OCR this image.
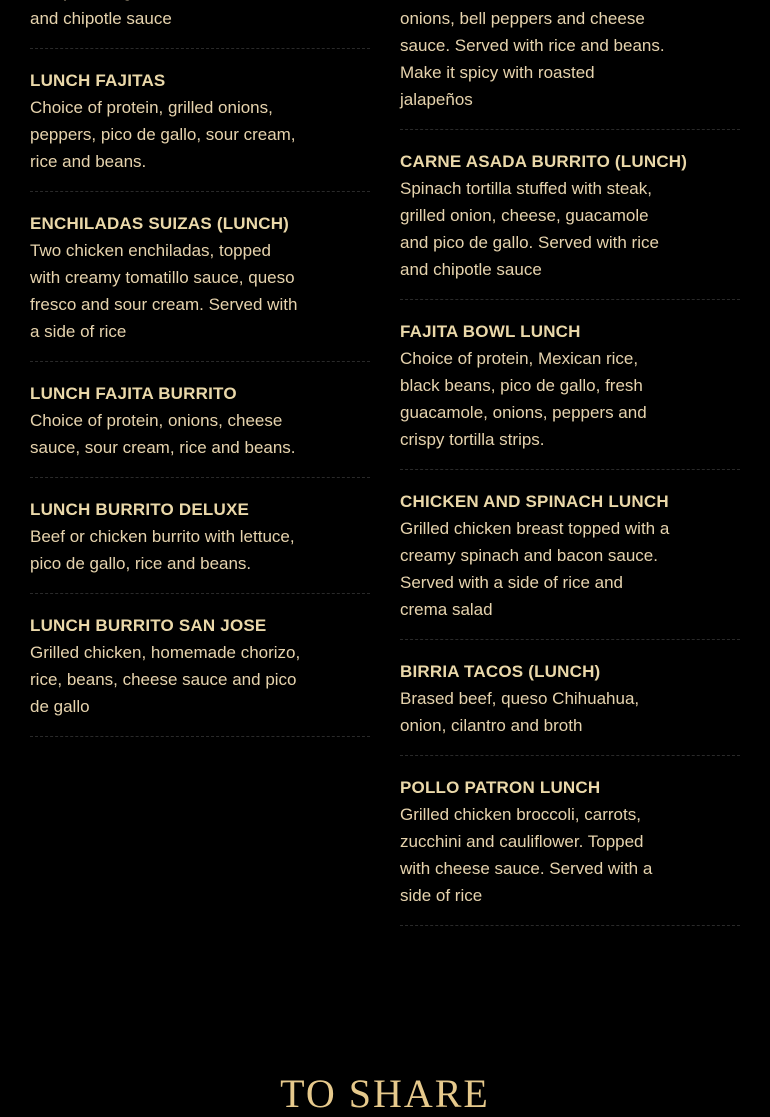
and chipotle sauce
LUNCH FAJITAS
Choice of protein, grilled onions, peppers, pico de gallo, sour cream, rice and beans.
ENCHILADAS SUIZAS (LUNCH)
Two chicken enchiladas, topped with creamy tomatillo sauce, queso fresco and sour cream. Served with a side of rice
LUNCH FAJITA BURRITO
Choice of protein, onions, cheese sauce, sour cream, rice and beans.
LUNCH BURRITO DELUXE
Beef or chicken burrito with lettuce, pico de gallo, rice and beans.
LUNCH BURRITO SAN JOSE
Grilled chicken, homemade chorizo, rice, beans, cheese sauce and pico de gallo
onions, bell peppers and cheese sauce. Served with rice and beans. Make it spicy with roasted jalapeños
CARNE ASADA BURRITO (LUNCH)
Spinach tortilla stuffed with steak, grilled onion, cheese, guacamole and pico de gallo. Served with rice and chipotle sauce
FAJITA BOWL LUNCH
Choice of protein, Mexican rice, black beans, pico de gallo, fresh guacamole, onions, peppers and crispy tortilla strips.
CHICKEN AND SPINACH LUNCH
Grilled chicken breast topped with a creamy spinach and bacon sauce. Served with a side of rice and crema salad
BIRRIA TACOS (LUNCH)
Brased beef, queso Chihuahua, onion, cilantro and broth
POLLO PATRON LUNCH
Grilled chicken broccoli, carrots, zucchini and cauliflower. Topped with cheese sauce. Served with a side of rice
TO SHARE
